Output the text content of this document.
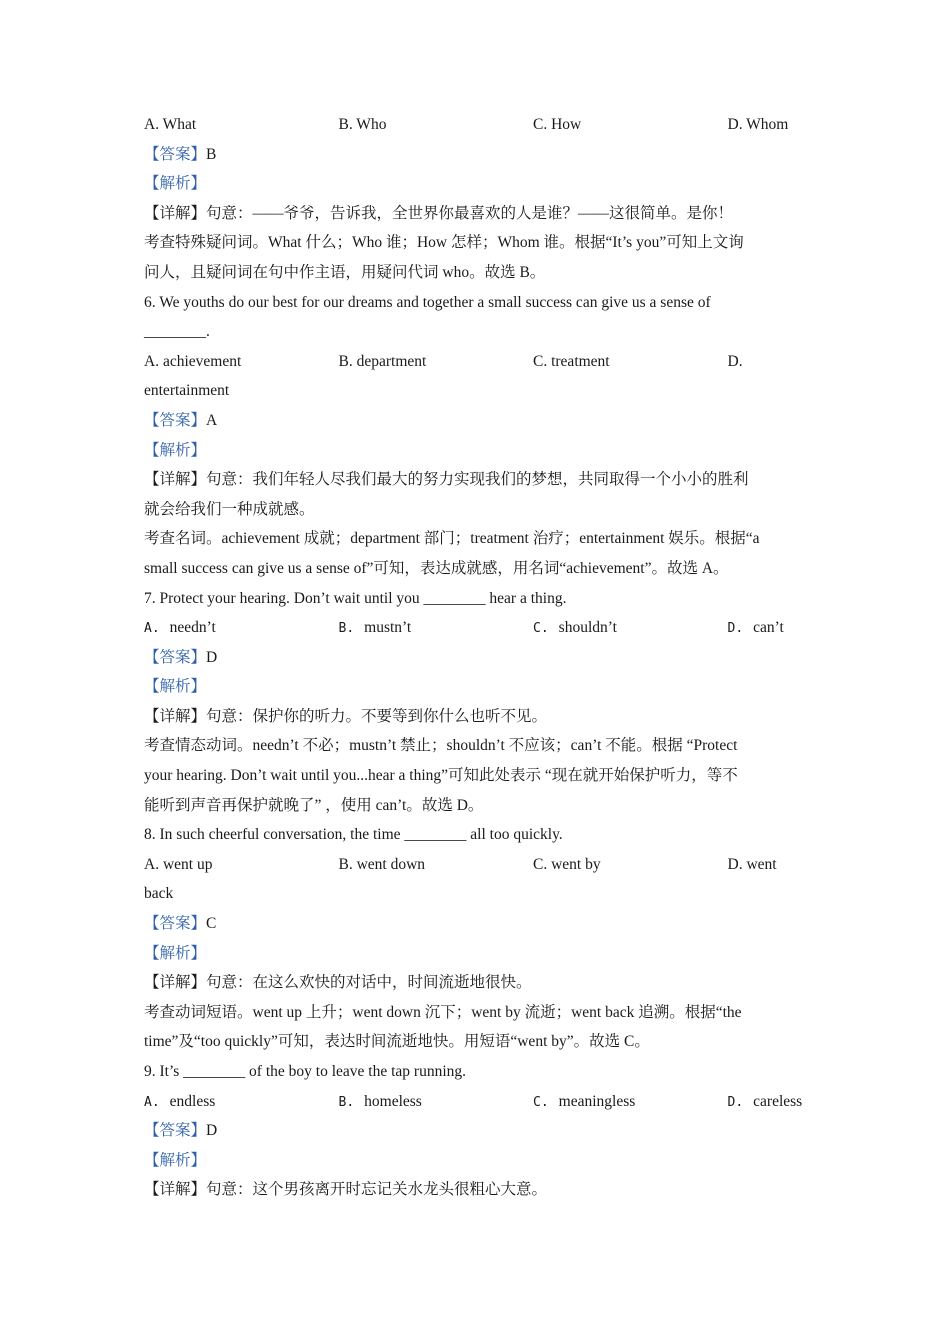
A. What	B. Who	C. How	D. Whom
【答案】B
【解析】
【详解】句意：——爷爷，告诉我，全世界你最喜欢的人是谁？——这很简单。是你！
考查特殊疑问词。What 什么；Who 谁；How 怎样；Whom 谁。根据“It’s you”可知上文询
问人，且疑问词在句中作主语，用疑问代词 who。故选 B。
6. We youths do our best for our dreams and together a small success can give us a sense of
________.
A. achievement	B. department	C. treatment	D.
entertainment
【答案】A
【解析】
【详解】句意：我们年轻人尽我们最大的努力实现我们的梦想，共同取得一个小小的胜利
就会给我们一种成就感。
考查名词。achievement 成就；department 部门；treatment 治疗；entertainment 娱乐。根据“a
small success can give us a sense of”可知，表达成就感，用名词“achievement”。故选 A。
7. Protect your hearing. Don’t wait until you ________ hear a thing.
A. needn’t	B. mustn’t	C. shouldn’t	D. can’t
【答案】D
【解析】
【详解】句意：保护你的听力。不要等到你什么也听不见。
考查情态动词。needn’t 不必；mustn’t 禁止；shouldn’t 不应该；can’t 不能。根据 “Protect
your hearing. Don’t wait until you...hear a thing”可知此处表示 “现在就开始保护听力，等不
能听到声音再保护就晚了” ，使用 can’t。故选 D。
8. In such cheerful conversation, the time ________ all too quickly.
A. went up	B. went down	C. went by	D. went
back
【答案】C
【解析】
【详解】句意：在这么欢快的对话中，时间流逝地很快。
考查动词短语。went up 上升；went down 沉下；went by 流逝；went back 追溯。根据“the
time”及“too quickly”可知，表达时间流逝地快。用短语“went by”。故选 C。
9. It’s ________ of the boy to leave the tap running.
A. endless	B. homeless	C. meaningless	D. careless
【答案】D
【解析】
【详解】句意：这个男孩离开时忘记关水龙头很粗心大意。
